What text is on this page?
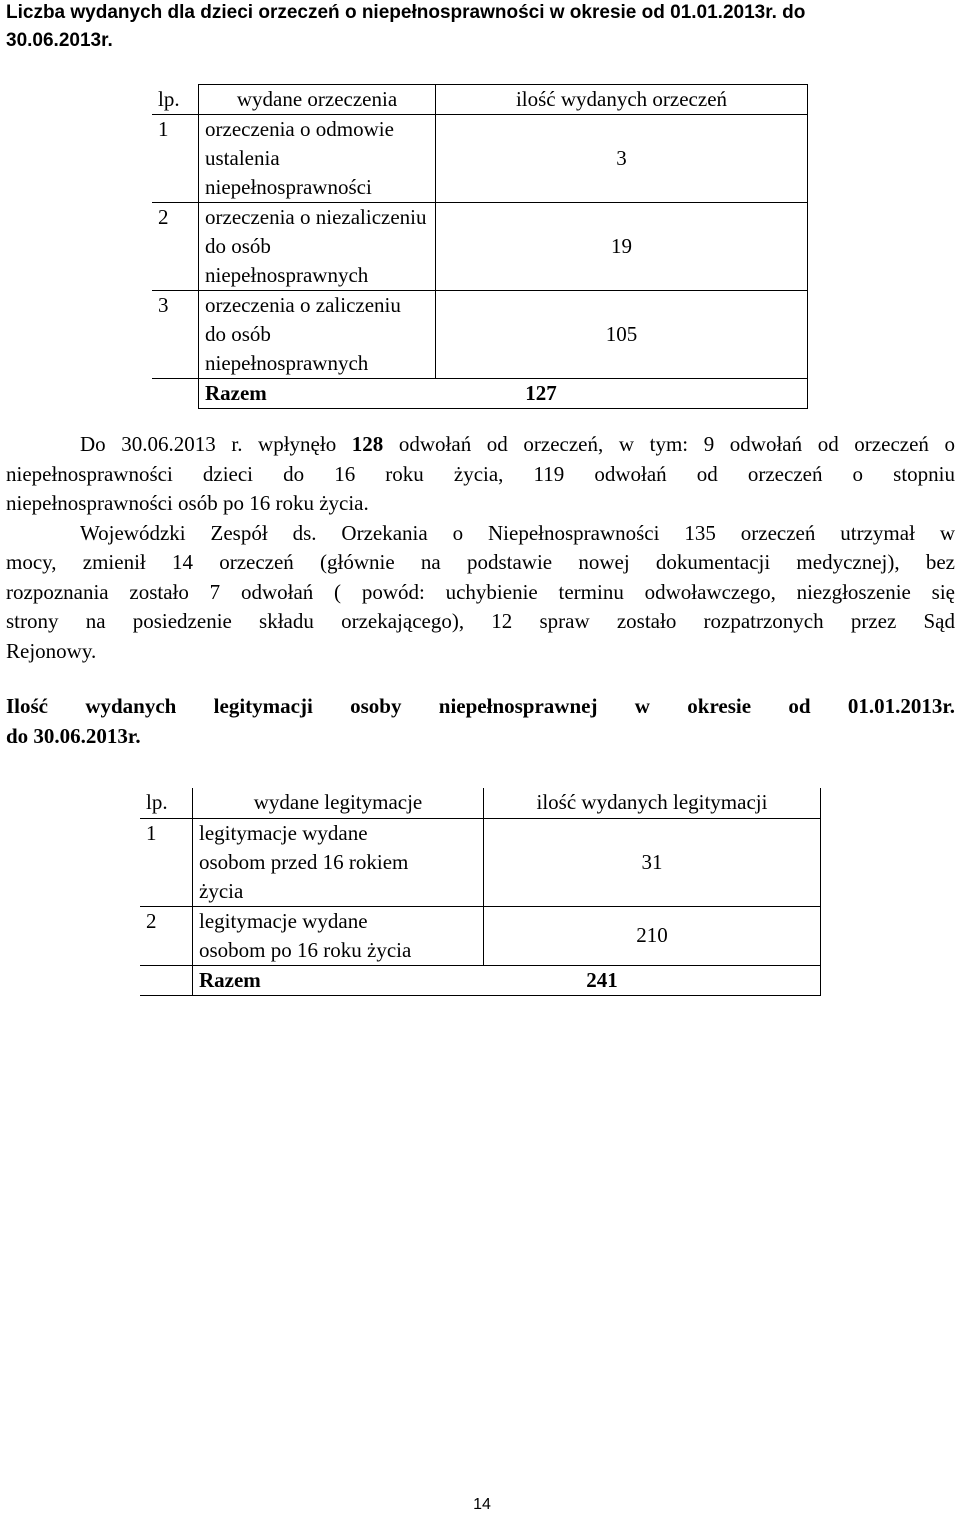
Liczba wydanych dla dzieci orzeczeń o niepełnosprawności w okresie od 01.01.2013r. do
30.06.2013r.
lp.	wydane orzeczenia	ilość wydanych orzeczeń
1	orzeczenia o odmowie
ustalenia
niepełnosprawności	3
2	orzeczenia o niezaliczeniu
do osób
niepełnosprawnych	19
3	orzeczenia o zaliczeniu
do osób
niepełnosprawnych	105
	Razem 127	
Do 30.06.2013 r. wpłynęło 128 odwołań od orzeczeń, w tym: 9 odwołań od orzeczeń o
niepełnosprawności dzieci do 16 roku życia, 119 odwołań od orzeczeń o stopniu
niepełnosprawności osób po 16 roku życia.
Wojewódzki Zespół ds. Orzekania o Niepełnosprawności 135 orzeczeń utrzymał w
mocy, zmienił 14 orzeczeń (głównie na podstawie nowej dokumentacji medycznej), bez
rozpoznania zostało 7 odwołań ( powód: uchybienie terminu odwoławczego, niezgłoszenie się
strony na posiedzenie składu orzekającego), 12 spraw zostało rozpatrzonych przez Sąd
Rejonowy.
Ilość wydanych legitymacji osoby niepełnosprawnej w okresie od 01.01.2013r.
do 30.06.2013r.
lp.	wydane legitymacje	ilość wydanych legitymacji
1	legitymacje wydane
osobom przed 16 rokiem
życia	31
2	legitymacje wydane
osobom po 16 roku życia	210
	Razem 241	
14
